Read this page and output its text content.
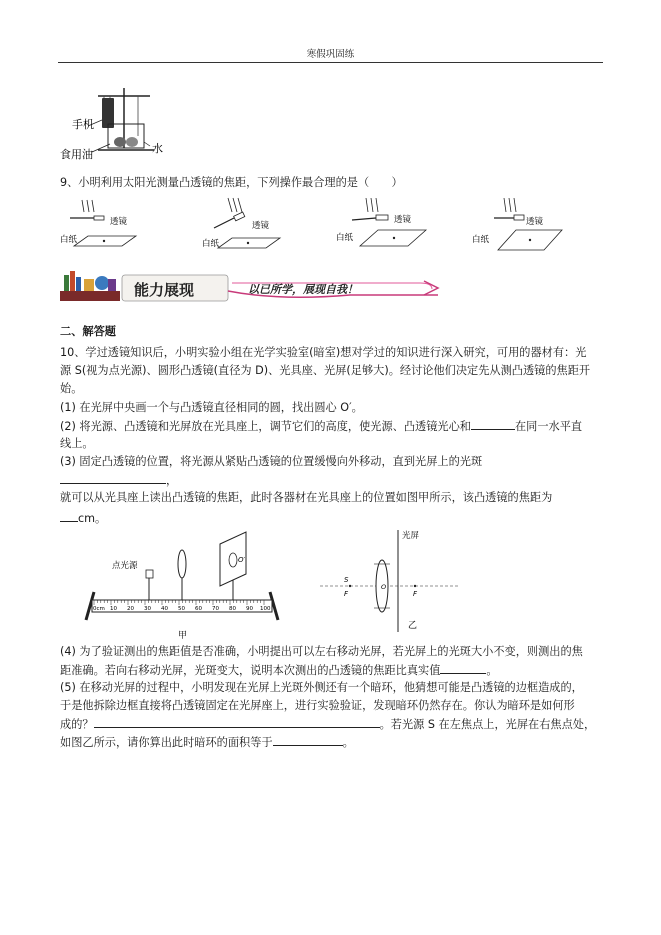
寒假巩固练
手机
食用油	水
9、小明利用太阳光测量凸透镜的焦距，下列操作最合理的是（　　）
透镜
白纸
透镜
白纸
透镜
白纸
透镜
白纸
能力展现	以已所学，展现自我！
二、解答题
10、学过透镜知识后，小明实验小组在光学实验室(暗室)想对学过的知识进行深入研究，可用的器材有：光
源 S(视为点光源)、圆形凸透镜(直径为 D)、光具座、光屏(足够大)。经讨论他们决定先从测凸透镜的焦距开
始。
(1) 在光屏中央画一个与凸透镜直径相同的圆，找出圆心 O′。
(2) 将光源、凸透镜和光屏放在光具座上，调节它们的高度，使光源、凸透镜光心和	在同一水平直
线上。
(3) 固定凸透镜的位置，将光源从紧贴凸透镜的位置缓慢向外移动，直到光屏上的光斑
，
就可以从光具座上读出凸透镜的焦距，此时各器材在光具座上的位置如图甲所示，该凸透镜的焦距为
cm。
0cm 10 20 30 40 50 60 70 80 90 100
点光源
O′
甲
光屏
S
F
O
F
乙
(4) 为了验证测出的焦距值是否准确，小明提出可以左右移动光屏，若光屏上的光斑大小不变，则测出的焦
距准确。若向右移动光屏，光斑变大，说明本次测出的凸透镜的焦距比真实值	。
(5) 在移动光屏的过程中，小明发现在光屏上光斑外侧还有一个暗环，他猜想可能是凸透镜的边框造成的，
于是他拆除边框直接将凸透镜固定在光屏座上，进行实验验证，发现暗环仍然存在。你认为暗环是如何形
成的？	。若光源 S 在左焦点上，光屏在右焦点处，
如图乙所示，请你算出此时暗环的面积等于	。
